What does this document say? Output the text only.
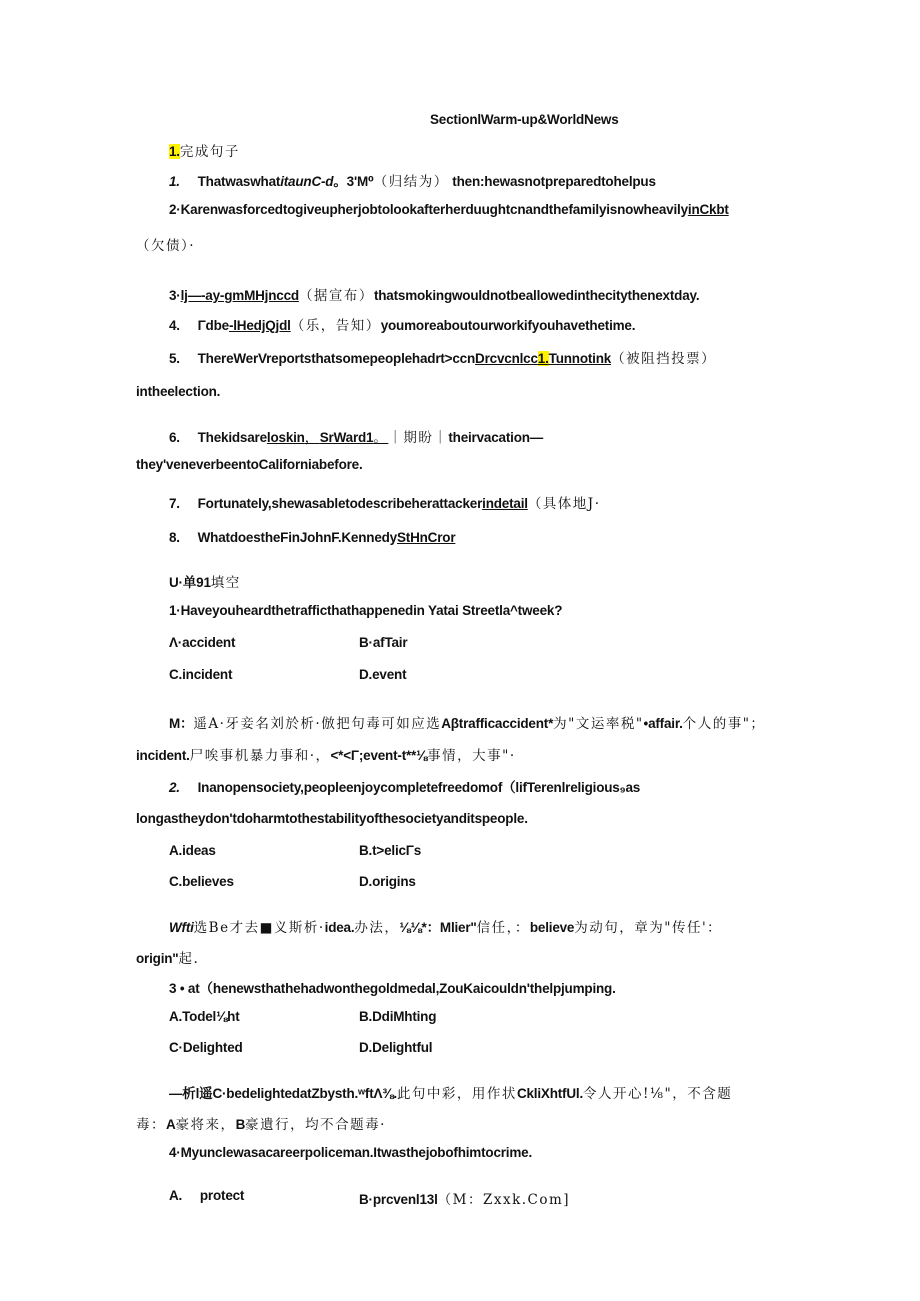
SectionlWarm-up&WorldNews
1.完成句子
1. ThatwaswhatitaunC-d。3'M⁰（归结为） then:hewasnotpreparedtohelpus
2·KarenwasforcedtogiveupherjobtolookafterherduughtcnandthefamilyisnowheavilyinCkbt
（欠债）·
3·lj—-ay-gmMHjnccd（据宣布）thatsmokingwouldnotbeallowedinthecitythenextday.
4. Γdbe-lHedjQjdl（乐，告知）youmoreaboutourworkifyouhavethetime.
5. ThereWerVreportsthatsomepeoplehadrt>ccnDrcvcnlcc1.Tunnotink（被阻挡投票）
intheelection.
6. Thekidsareloskin，SrWard1。｜期盼｜theirvacation—
they'veneverbeentoCaliforniabefore.
7. Fortunately,shewasabletodescribeherattackerindetail（具体地J·
8. WhatdoestheFinJohnF.KennedyStHnCror
U·单91填空
1·Haveyouheardthetrafficthathappenedin Yatai Streetla^tweek?
Λ·accident	B·afTair
C.incident	D.event
M：遥A·牙妾名刘於析·倣把句毒可如应选Aβtrafficaccident*为"文运率税"•affair.个人的事"；
incident.尸唉事机暴力事和·，<*<Γ;event-t**⅛事情，大事"·
2. Inanopensociety,peopleenjoycompletefreedomof（lifTerenlreligious₉as
longastheydon'tdoharmtothestabilityofthesocietyanditspeople.
A.ideas	B.t>elicΓs
C.believes	D.origins
Wfti选Be才去■义斯析·idea.办法，⅛⅛*：Mlier"信任，：believe为动句，章为"传任'：
origin"起.
3 • at（henewsthathehadwonthegoldmedal,ZouKaicouldn'thelpjumping.
A.Todel⅛ht	B.DdiMhting
C·Delighted	D.Delightful
—析l遥C·bedelightedatZbysth.ʷftΛ⅜.此句中彩，用作状CkliXhtfUl.令人开心!⅛"，不含题
毒：A豪将来，B豪遺行，均不合题毒·
4·Myunclewasacareerpoliceman.Itwasthejobofhimtocrime.
A. protect	B·prcvenl13l（M：Zxxk.Com]
